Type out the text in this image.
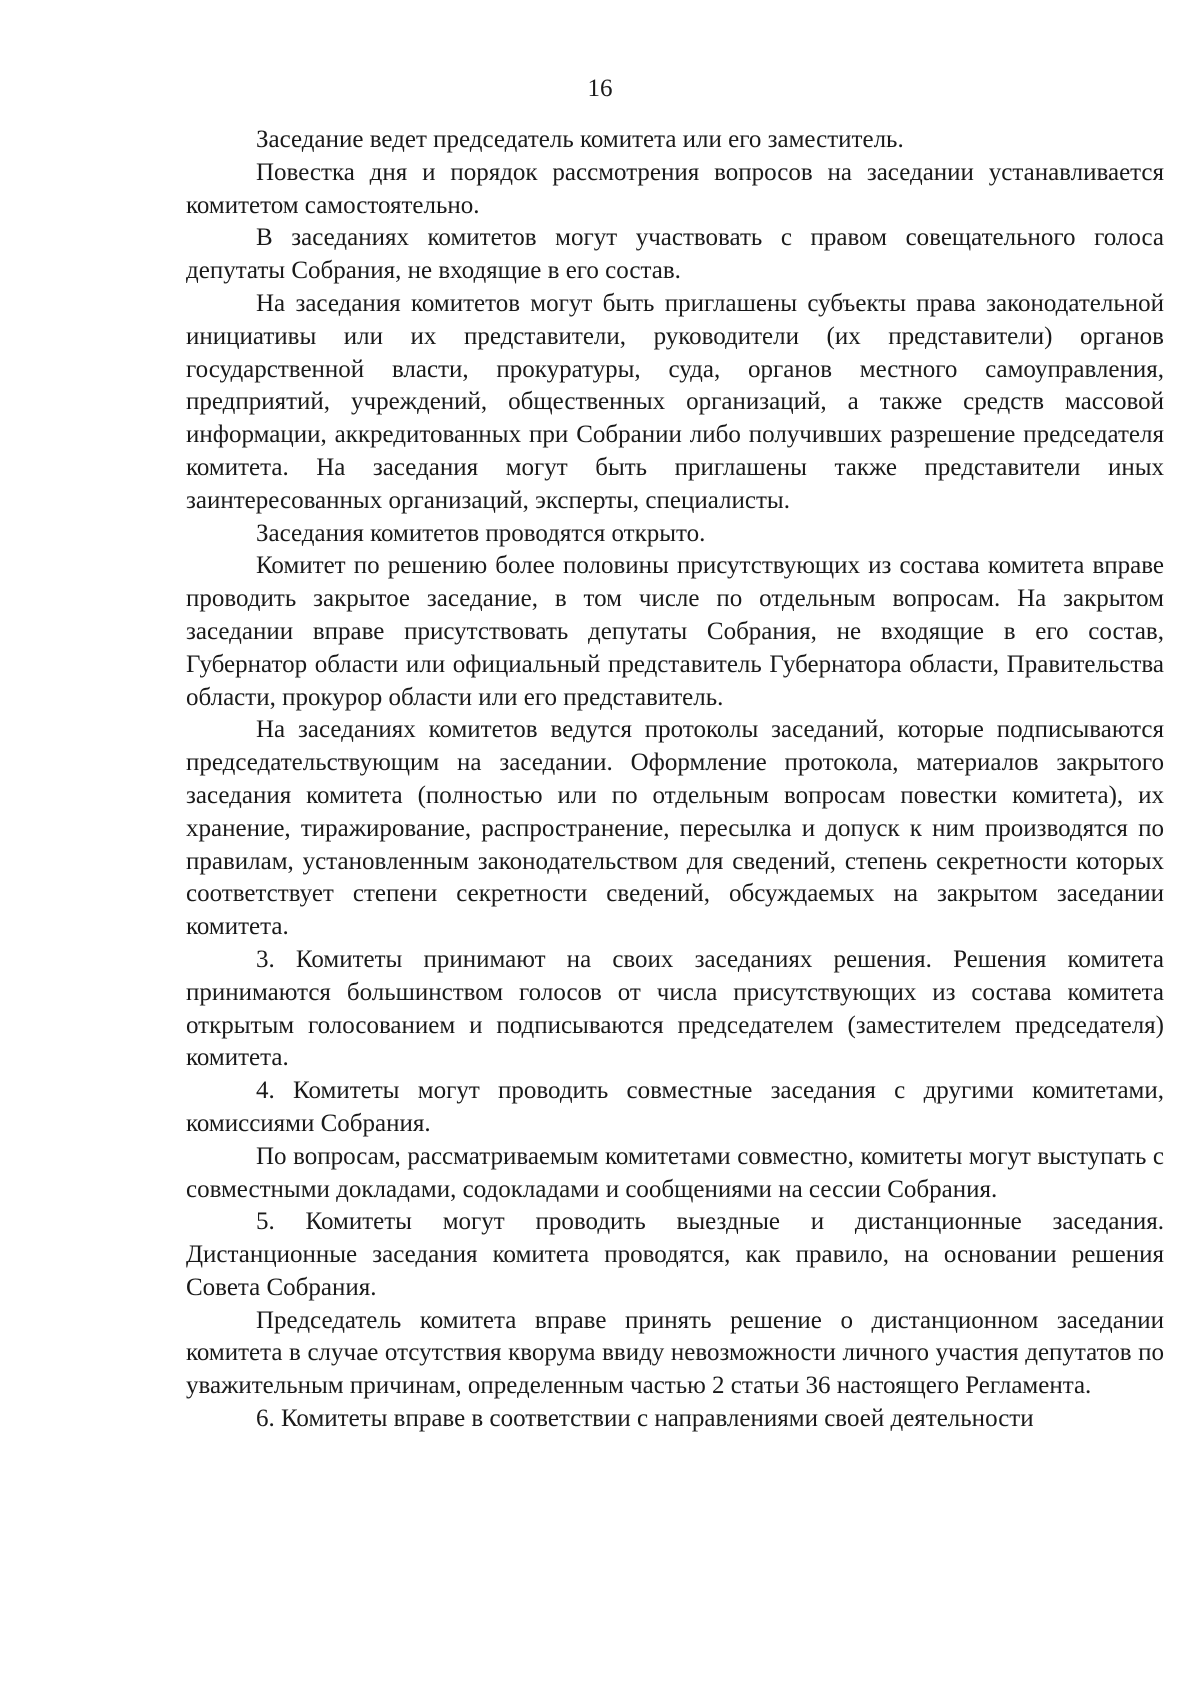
16

Заседание ведет председатель комитета или его заместитель.

Повестка дня и порядок рассмотрения вопросов на заседании устанавливается комитетом самостоятельно.

В заседаниях комитетов могут участвовать с правом совещательного голоса депутаты Собрания, не входящие в его состав.

На заседания комитетов могут быть приглашены субъекты права законодательной инициативы или их представители, руководители (их представители) органов государственной власти, прокуратуры, суда, органов местного самоуправления, предприятий, учреждений, общественных организаций, а также средств массовой информации, аккредитованных при Собрании либо получивших разрешение председателя комитета. На заседания могут быть приглашены также представители иных заинтересованных организаций, эксперты, специалисты.

Заседания комитетов проводятся открыто.

Комитет по решению более половины присутствующих из состава комитета вправе проводить закрытое заседание, в том числе по отдельным вопросам. На закрытом заседании вправе присутствовать депутаты Собрания, не входящие в его состав, Губернатор области или официальный представитель Губернатора области, Правительства области, прокурор области или его представитель.

На заседаниях комитетов ведутся протоколы заседаний, которые подписываются председательствующим на заседании. Оформление протокола, материалов закрытого заседания комитета (полностью или по отдельным вопросам повестки комитета), их хранение, тиражирование, распространение, пересылка и допуск к ним производятся по правилам, установленным законодательством для сведений, степень секретности которых соответствует степени секретности сведений, обсуждаемых на закрытом заседании комитета.

3. Комитеты принимают на своих заседаниях решения. Решения комитета принимаются большинством голосов от числа присутствующих из состава комитета открытым голосованием и подписываются председателем (заместителем председателя) комитета.

4. Комитеты могут проводить совместные заседания с другими комитетами, комиссиями Собрания.

По вопросам, рассматриваемым комитетами совместно, комитеты могут выступать с совместными докладами, содокладами и сообщениями на сессии Собрания.

5. Комитеты могут проводить выездные и дистанционные заседания. Дистанционные заседания комитета проводятся, как правило, на основании решения Совета Собрания.

Председатель комитета вправе принять решение о дистанционном заседании комитета в случае отсутствия кворума ввиду невозможности личного участия депутатов по уважительным причинам, определенным частью 2 статьи 36 настоящего Регламента.

6. Комитеты вправе в соответствии с направлениями своей деятельности
